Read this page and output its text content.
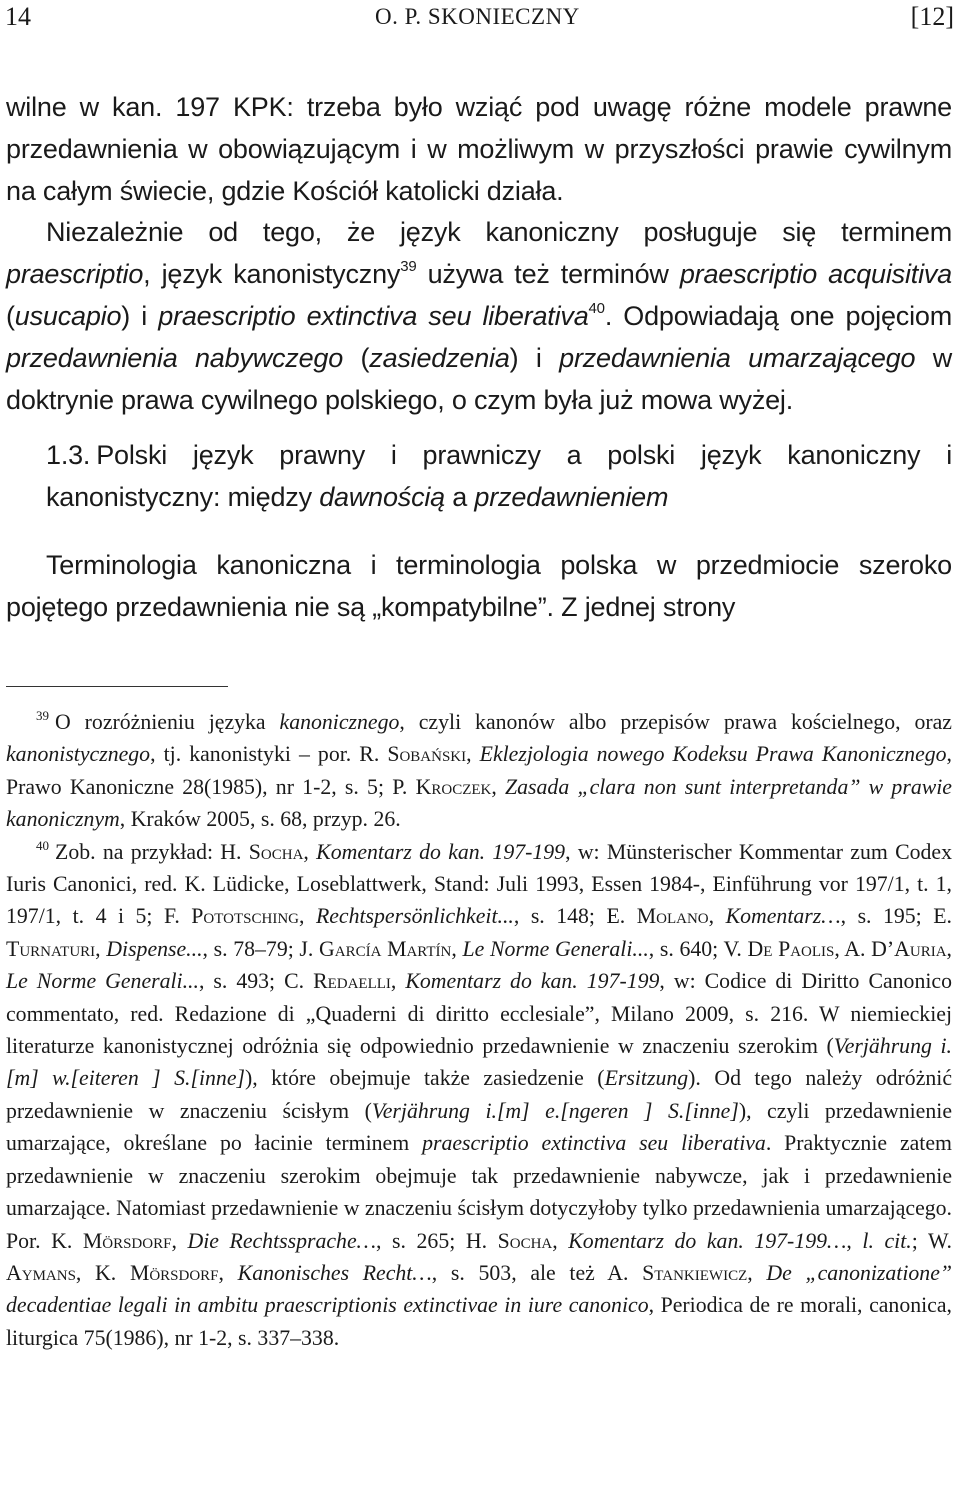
14	O. P. SKONIECZNY	[12]

wilne w kan. 197 KPK: trzeba było wziąć pod uwagę różne modele prawne przedawnienia w obowiązującym i w możliwym w przyszłości prawie cywilnym na całym świecie, gdzie Kościół katolicki działa.

Niezależnie od tego, że język kanoniczny posługuje się terminem praescriptio, język kanonistyczny$^{39}$ używa też terminów praescriptio acquisitiva (usucapio) i praescriptio extinctiva seu liberativa$^{40}$. Odpowiadają one pojęciom przedawnienia nabywczego (zasiedzenia) i przedawnienia umarzającego w doktrynie prawa cywilnego polskiego, o czym była już mowa wyżej.

1.3. Polski język prawny i prawniczy a polski język kanoniczny i kanonistyczny: między dawnością a przedawnieniem

Terminologia kanoniczna i terminologia polska w przedmiocie szeroko pojętego przedawnienia nie są „kompatybilne”. Z jednej strony

$^{39}$ O rozróżnieniu języka kanonicznego, czyli kanonów albo przepisów prawa kościelnego, oraz kanonistycznego, tj. kanonistyki – por. R. Sobański, Eklezjologia nowego Kodeksu Prawa Kanonicznego, Prawo Kanoniczne 28(1985), nr 1-2, s. 5; P. Kroczek, Zasada „clara non sunt interpretanda” w prawie kanonicznym, Kraków 2005, s. 68, przyp. 26.

$^{40}$ Zob. na przykład: H. Socha, Komentarz do kan. 197-199, w: Münsterischer Kommentar zum Codex Iuris Canonici, red. K. Lüdicke, Loseblattwerk, Stand: Juli 1993, Essen 1984-, Einführung vor 197/1, t. 1, 197/1, t. 4 i 5; F. Pototsching, Rechtspersönlichkeit..., s. 148; E. Molano, Komentarz…, s. 195; E. Turnaturi, Dispense..., s. 78–79; J. García Martín, Le Norme Generali..., s. 640; V. De Paolis, A. D’Auria, Le Norme Generali..., s. 493; C. Redaelli, Komentarz do kan. 197-199, w: Codice di Diritto Canonico commentato, red. Redazione di „Quaderni di diritto ecclesiale”, Milano 2009, s. 216. W niemieckiej literaturze kanonistycznej odróżnia się odpowiednio przedawnienie w znaczeniu szerokim (Verjährung i.[m] w.[eiteren ] S.[inne]), które obejmuje także zasiedzenie (Ersitzung). Od tego należy odróżnić przedawnienie w znaczeniu ścisłym (Verjährung i.[m] e.[ngeren ] S.[inne]), czyli przedawnienie umarzające, określane po łacinie terminem praescriptio extinctiva seu liberativa. Praktycznie zatem przedawnienie w znaczeniu szerokim obejmuje tak przedawnienie nabywcze, jak i przedawnienie umarzające. Natomiast przedawnienie w znaczeniu ścisłym dotyczyłoby tylko przedawnienia umarzającego. Por. K. Mörsdorf, Die Rechtssprache…, s. 265; H. Socha, Komentarz do kan. 197-199…, l. cit.; W. Aymans, K. Mörsdorf, Kanonisches Recht…, s. 503, ale też A. Stankiewicz, De „canonizatione” decadentiae legali in ambitu praescriptionis extinctivae in iure canonico, Periodica de re morali, canonica, liturgica 75(1986), nr 1-2, s. 337–338.
